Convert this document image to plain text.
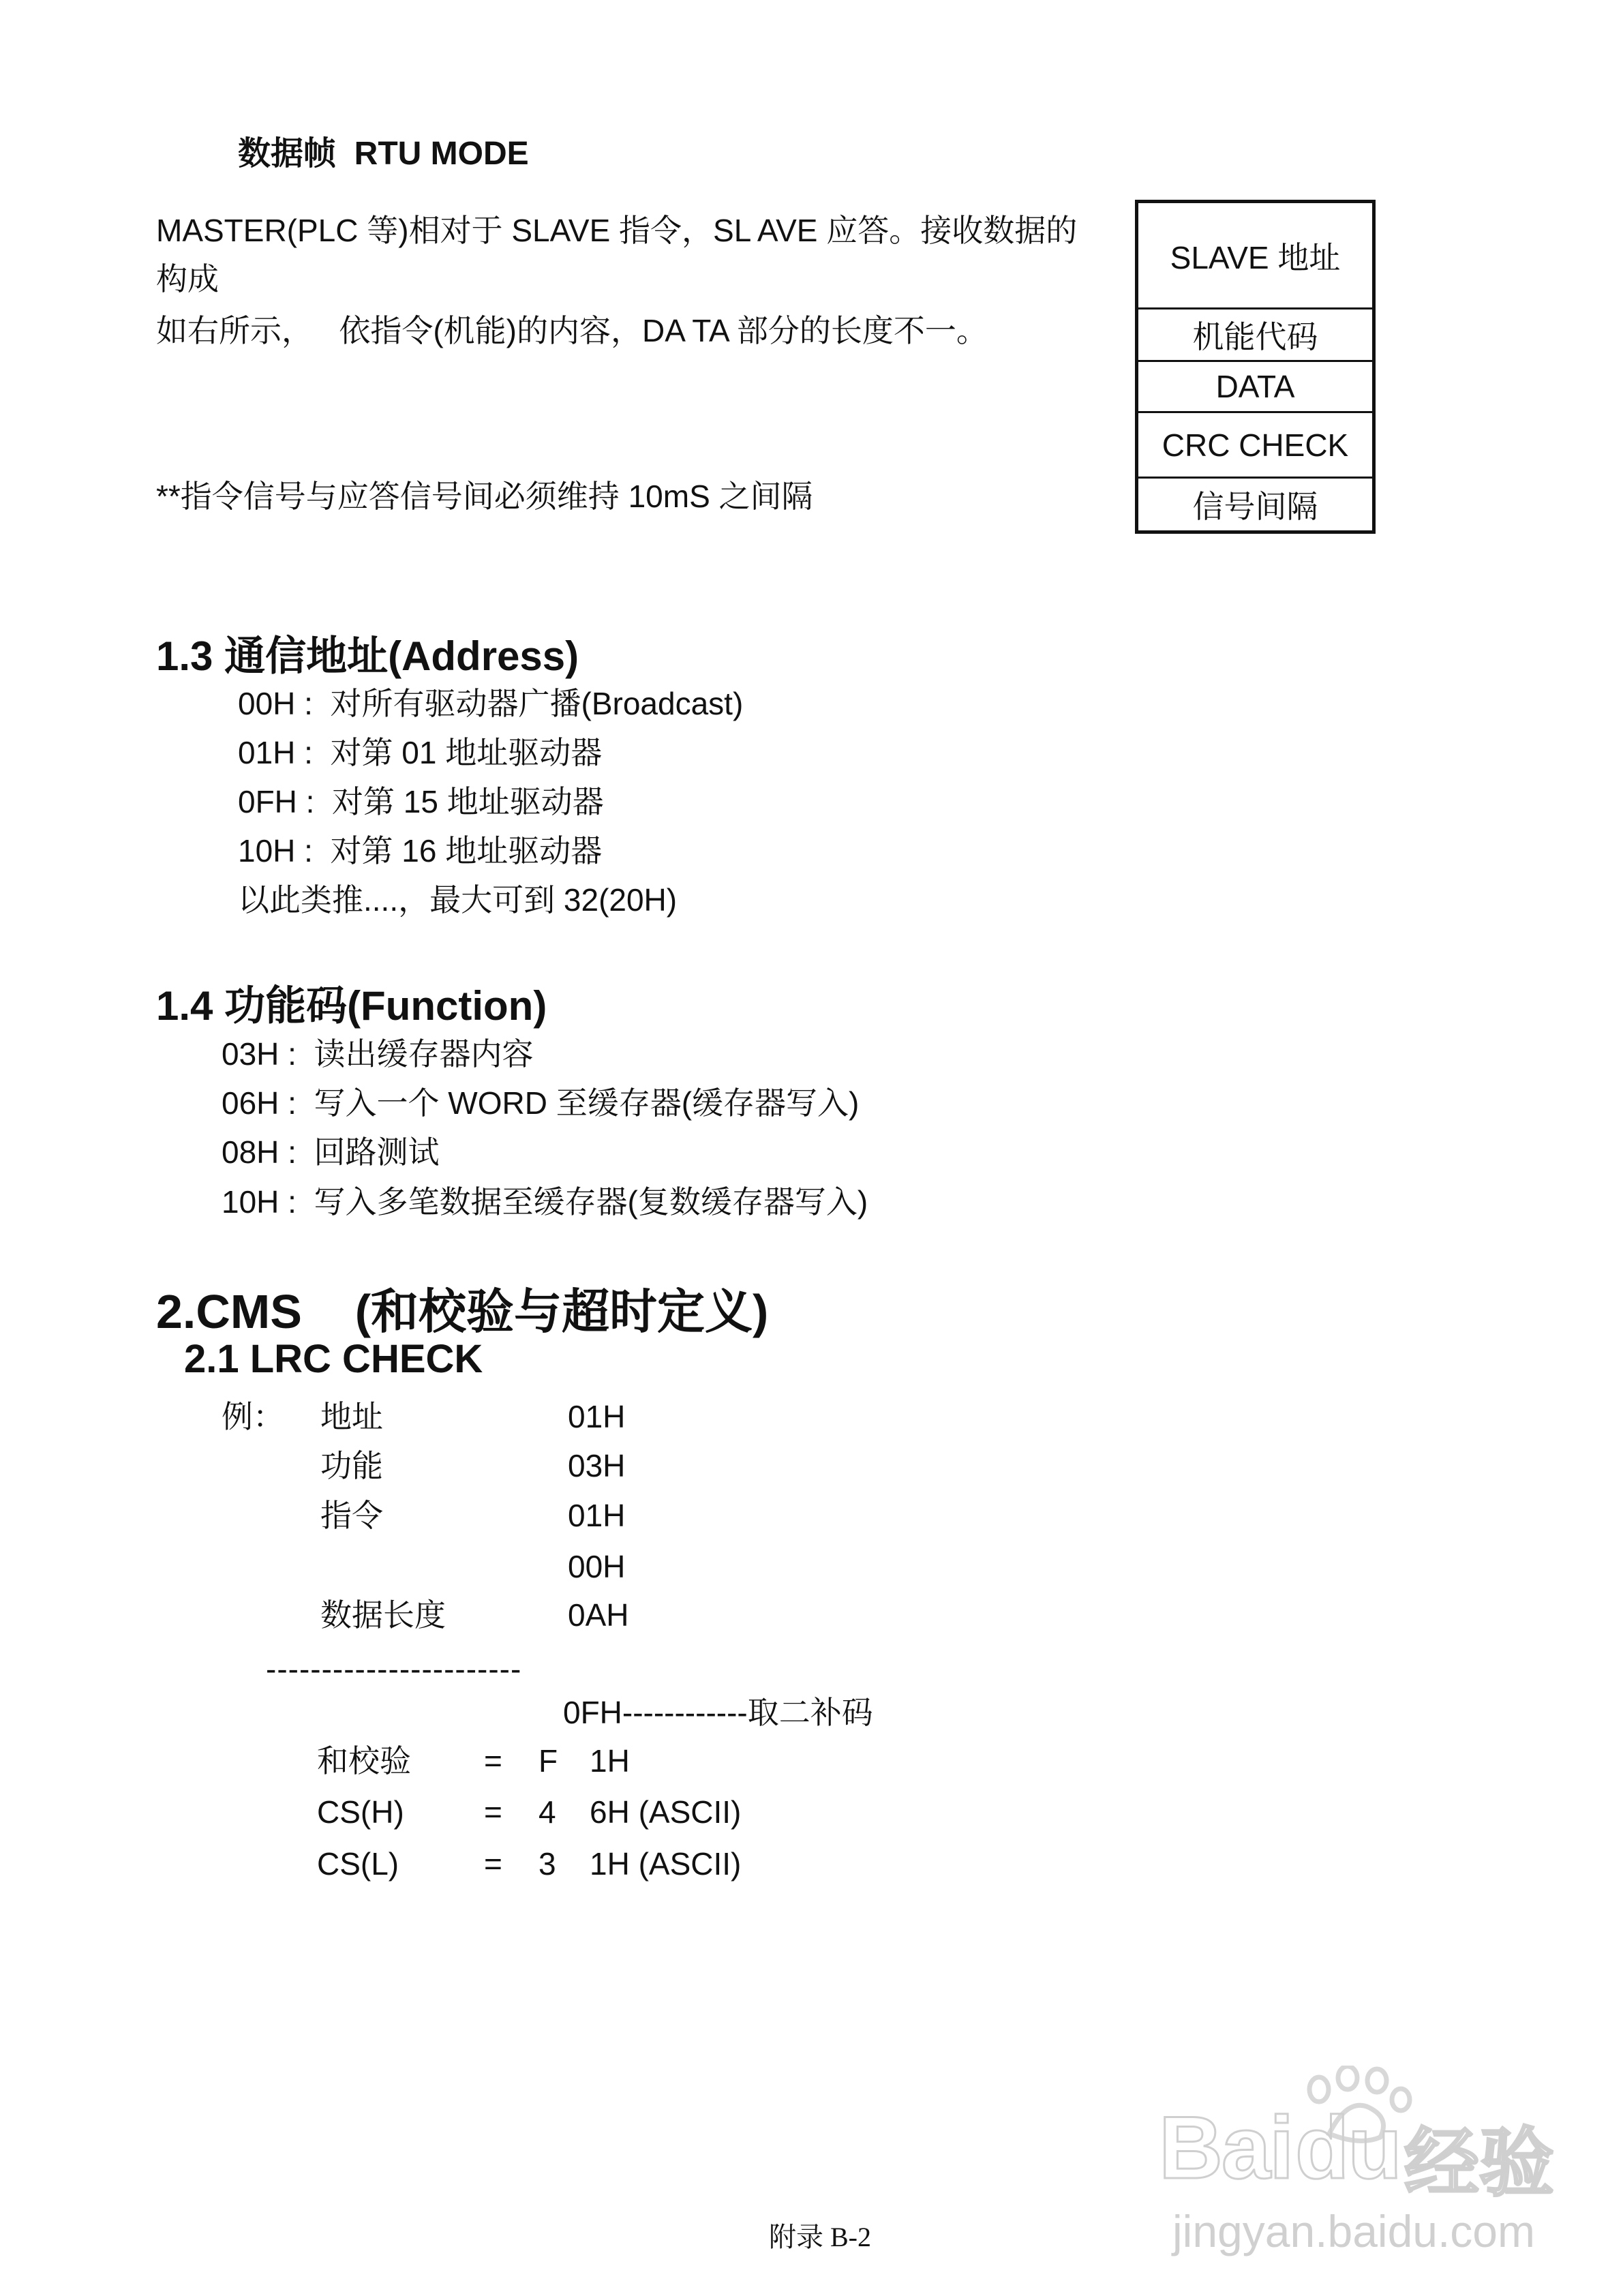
数据帧  RTU MODE
MASTER(PLC 等)相对于 SLAVE 指令，SL AVE 应答。接收数据的
构成
如右所示，   依指令(机能)的内容，DA TA 部分的长度不一。
**指令信号与应答信号间必须维持 10mS 之间隔
SLAVE 地址
机能代码
DATA
CRC CHECK
信号间隔
1.3 通信地址(Address)
00H :  对所有驱动器广播(Broadcast)
01H :  对第 01 地址驱动器
0FH :  对第 15 地址驱动器
10H :  对第 16 地址驱动器
以此类推....，最大可到 32(20H)
1.4 功能码(Function)
03H :  读出缓存器内容
06H :  写入一个 WORD 至缓存器(缓存器写入)
08H :  回路测试
10H :  写入多笔数据至缓存器(复数缓存器写入)
2.CMS    (和校验与超时定义)
2.1 LRC CHECK
例： 地址	01H
功能	03H
指令	01H
00H
数据长度	0AH
-----------------------
0FH------------取二补码
和校验 = F 1H
CS(H)	= 4 6H (ASCII)
CS(L)	= 3 1H (ASCII)
Bai du 经验
jingyan.baidu.com
附录 B-2
